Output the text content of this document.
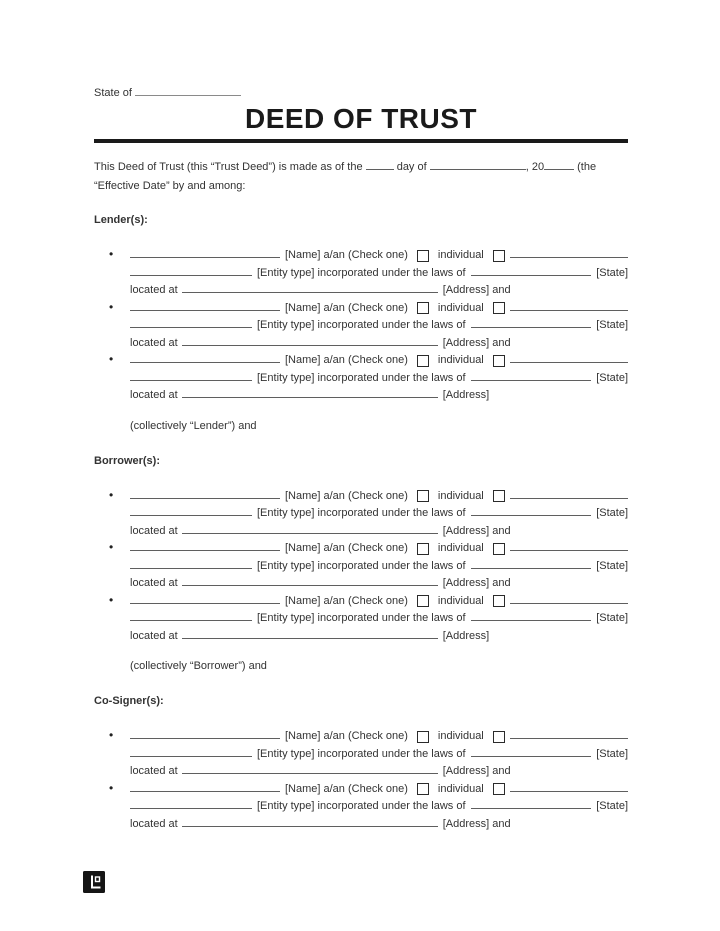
State of
DEED OF TRUST

This Deed of Trust (this “Trust Deed”) is made as of the	day of	, 20	(the “Effective Date” by and among:

Lender(s):
•	[Name] a/an (Check one)	individual
[Entity type] incorporated under the laws of	[State]
located at	[Address] and
•	[Name] a/an (Check one)	individual
[Entity type] incorporated under the laws of	[State]
located at	[Address] and
•	[Name] a/an (Check one)	individual
[Entity type] incorporated under the laws of	[State]
located at	[Address]
(collectively “Lender”) and
Borrower(s):
•	[Name] a/an (Check one)	individual
[Entity type] incorporated under the laws of	[State]
located at	[Address] and
•	[Name] a/an (Check one)	individual
[Entity type] incorporated under the laws of	[State]
located at	[Address] and
•	[Name] a/an (Check one)	individual
[Entity type] incorporated under the laws of	[State]
located at	[Address]
(collectively “Borrower”) and
Co-Signer(s):
•	[Name] a/an (Check one)	individual
[Entity type] incorporated under the laws of	[State]
located at	[Address] and
•	[Name] a/an (Check one)	individual
[Entity type] incorporated under the laws of	[State]
located at	[Address] and
